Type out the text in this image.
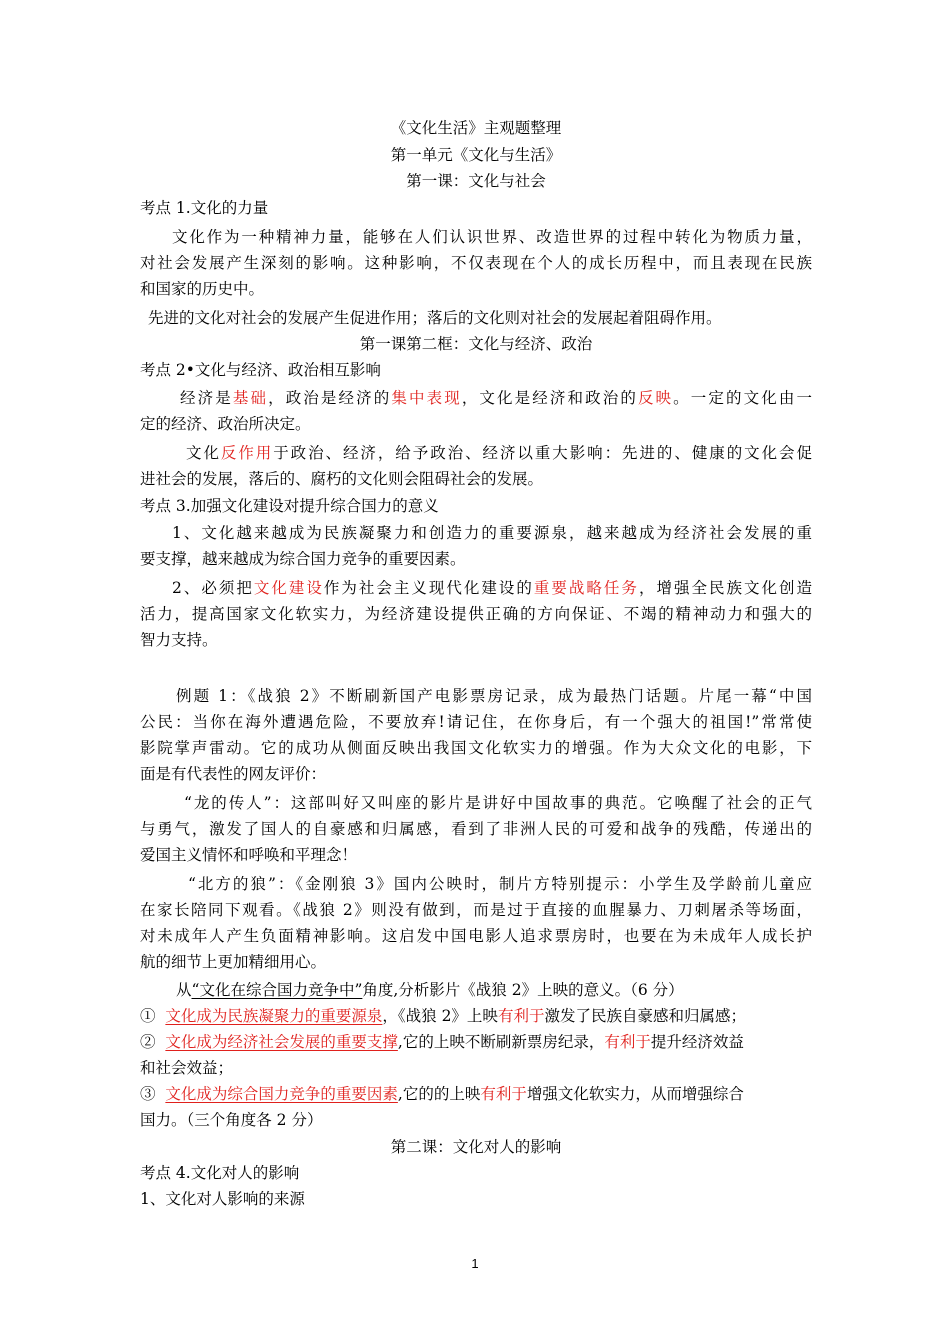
《文化生活》主观题整理
第一单元《文化与生活》
第一课：文化与社会
考点 1.文化的力量
文化作为一种精神力量，能够在人们认识世界、改造世界的过程中转化为物质力量，
对社会发展产生深刻的影响。这种影响，不仅表现在个人的成长历程中，而且表现在民族
和国家的历史中。
先进的文化对社会的发展产生促进作用；落后的文化则对社会的发展起着阻碍作用。
第一课第二框：文化与经济、政治
考点 2•文化与经济、政治相互影响
经济是基础，政治是经济的集中表现，文化是经济和政治的反映。一定的文化由一
定的经济、政治所决定。
文化反作用于政治、经济，给予政治、经济以重大影响：先进的、健康的文化会促
进社会的发展，落后的、腐朽的文化则会阻碍社会的发展。
考点 3.加强文化建设对提升综合国力的意义
1、文化越来越成为民族凝聚力和创造力的重要源泉，越来越成为经济社会发展的重
要支撑，越来越成为综合国力竞争的重要因素。
2、必须把文化建设作为社会主义现代化建设的重要战略任务，增强全民族文化创造
活力，提高国家文化软实力，为经济建设提供正确的方向保证、不竭的精神动力和强大的
智力支持。
例题 1：《战狼 2》不断刷新国产电影票房记录，成为最热门话题。片尾一幕“中国
公民：当你在海外遭遇危险，不要放弃!请记住，在你身后，有一个强大的祖国!”常常使
影院掌声雷动。它的成功从侧面反映出我国文化软实力的增强。作为大众文化的电影，下
面是有代表性的网友评价：
“龙的传人”：这部叫好又叫座的影片是讲好中国故事的典范。它唤醒了社会的正气
与勇气，激发了国人的自豪感和归属感，看到了非洲人民的可爱和战争的残酷，传递出的
爱国主义情怀和呼唤和平理念！
“北方的狼”：《金刚狼 3》国内公映时，制片方特别提示：小学生及学龄前儿童应
在家长陪同下观看。《战狼 2》则没有做到，而是过于直接的血腥暴力、刀刺屠杀等场面，
对未成年人产生负面精神影响。这启发中国电影人追求票房时，也要在为未成年人成长护
航的细节上更加精细用心。
从“文化在综合国力竞争中”角度,分析影片《战狼 2》上映的意义。（6 分）
① 文化成为民族凝聚力的重要源泉，《战狼 2》上映有利于激发了民族自豪感和归属感；
② 文化成为经济社会发展的重要支撑,它的上映不断刷新票房纪录，有利于提升经济效益
和社会效益；
③ 文化成为综合国力竞争的重要因素,它的的上映有利于增强文化软实力，从而增强综合
国力。（三个角度各 2 分）
第二课：文化对人的影响
考点 4.文化对人的影响
1、文化对人影响的来源
1
